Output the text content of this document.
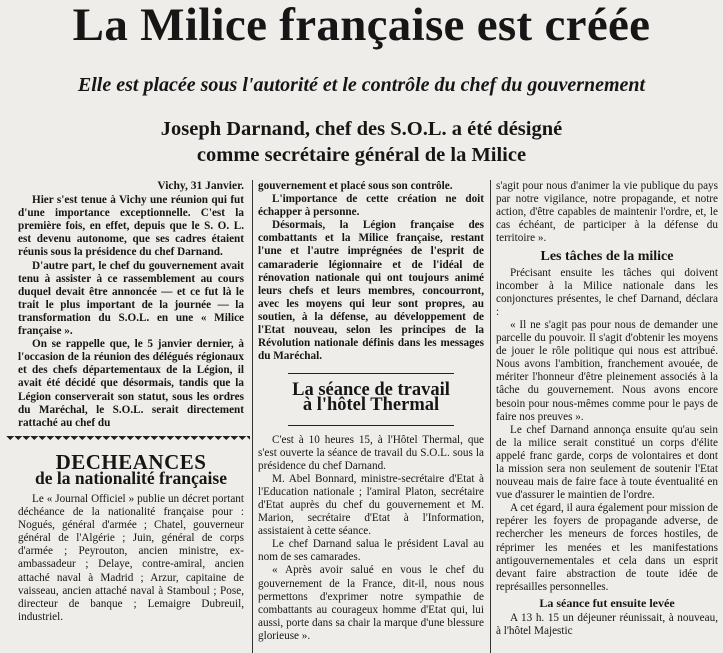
La Milice française est créée
Elle est placée sous l'autorité et le contrôle du chef du gouvernement
Joseph Darnand, chef des S.O.L. a été désigné
comme secrétaire général de la Milice
Vichy, 31 Janvier.

Hier s'est tenue à Vichy une réunion qui fut d'une importance exceptionnelle. C'est la première fois, en effet, depuis que le S. O. L. est devenu autonome, que ses cadres étaient réunis sous la présidence du chef Darnand.

D'autre part, le chef du gouvernement avait tenu à assister à ce rassemblement au cours duquel devait être annoncée — et ce fut là le trait le plus important de la journée — la transformation du S.O.L. en une « Milice française ».

On se rappelle que, le 5 janvier dernier, à l'occasion de la réunion des délégués régionaux et des chefs départementaux de la Légion, il avait été décidé que désormais, tandis que la Légion conserverait son statut, sous les ordres du Maréchal, le S.O.L. serait directement rattaché au chef du

DECHEANCES
de la nationalité française

Le « Journal Officiel » publie un décret portant déchéance de la nationalité française pour : Nogués, général d'armée ; Chatel, gouverneur général de l'Algérie ; Juin, général de corps d'armée ; Peyrouton, ancien ministre, ex-ambassadeur ; Delaye, contre-amiral, ancien attaché naval à Madrid ; Arzur, capitaine de vaisseau, ancien attaché naval à Stamboul ; Pose, directeur de banque ; Lemaigre Dubreuil, industriel.

gouvernement et placé sous son contrôle.

L'importance de cette création ne doit échapper à personne.

Désormais, la Légion française des combattants et la Milice française, restant l'une et l'autre imprégnées de l'esprit de camaraderie légionnaire et de l'idéal de rénovation nationale qui ont toujours animé leurs chefs et leurs membres, concourront, avec les moyens qui leur sont propres, au soutien, à la défense, au développement de l'Etat nouveau, selon les principes de la Révolution nationale définis dans les messages du Maréchal.

La séance de travail
à l'hôtel Thermal

C'est à 10 heures 15, à l'Hôtel Thermal, que s'est ouverte la séance de travail du S.O.L. sous la présidence du chef Darnand.

M. Abel Bonnard, ministre-secrétaire d'Etat à l'Education nationale ; l'amiral Platon, secrétaire d'Etat auprès du chef du gouvernement et M. Marion, secrétaire d'Etat à l'Information, assistaient à cette séance.

Le chef Darnand salua le président Laval au nom de ses camarades.

« Après avoir salué en vous le chef du gouvernement de la France, dit-il, nous nous permettons d'exprimer notre sympathie de combattants au courageux homme d'Etat qui, lui aussi, porte dans sa chair la marque d'une blessure glorieuse ».

s'agit pour nous d'animer la vie publique du pays par notre vigilance, notre propagande, et notre action, d'être capables de maintenir l'ordre, et, le cas échéant, de participer à la défense du territoire ».

Les tâches de la milice

Précisant ensuite les tâches qui doivent incomber à la Milice nationale dans les conjonctures présentes, le chef Darnand, déclara :

« Il ne s'agit pas pour nous de demander une parcelle du pouvoir. Il s'agit d'obtenir les moyens de jouer le rôle politique qui nous est attribué. Nous avons l'ambition, franchement avouée, de mériter l'honneur d'être pleinement associés à la tâche du gouvernement. Nous avons encore besoin pour nous-mêmes comme pour le pays de faire nos preuves ».

Le chef Darnand annonça ensuite qu'au sein de la milice serait constitué un corps d'élite appelé franc garde, corps de volontaires et dont la mission sera non seulement de soutenir l'Etat nouveau mais de faire face à toute éventualité en vue d'assurer le maintien de l'ordre.

A cet égard, il aura également pour mission de repérer les foyers de propagande adverse, de rechercher les meneurs de forces hostiles, de réprimer les menées et les manifestations antigouvernementales et cela dans un esprit devant faire abstraction de toute idée de représailles personnelles.

La séance fut ensuite levée

A 13 h. 15 un déjeuner réunissait, à nouveau, à l'hôtel Majestic
